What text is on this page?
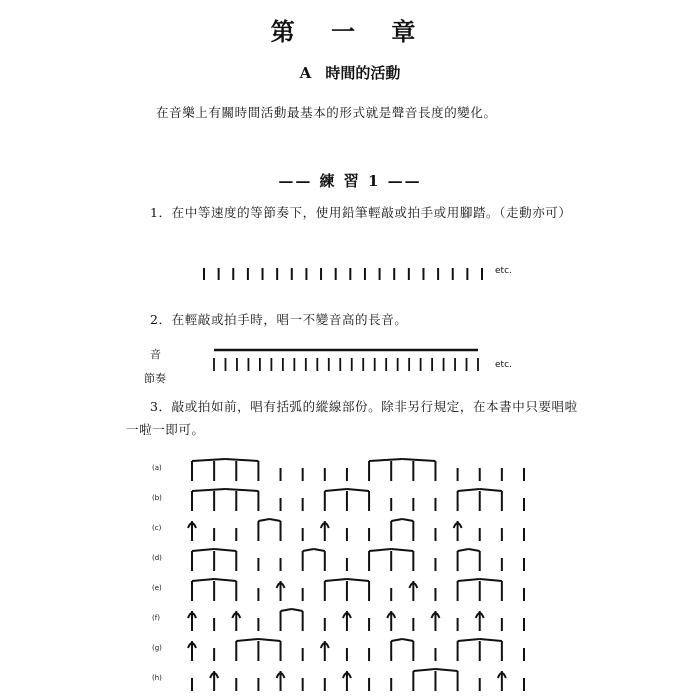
第 一 章
A 時間的活動
在音樂上有關時間活動最基本的形式就是聲音長度的變化。
—— 練 習 1 ——
1．在中等速度的等節奏下，使用鉛筆輕敲或拍手或用腳踏。（走動亦可）
etc.
2．在輕敲或拍手時，唱一不變音高的長音。
音
節奏
etc.
3．敲或拍如前，唱有括弧的縱線部份。除非另行規定，在本書中只要唱啦
一啦一即可。
(a)
(b)
(c)
(d)
(e)
(f)
(g)
(h)
